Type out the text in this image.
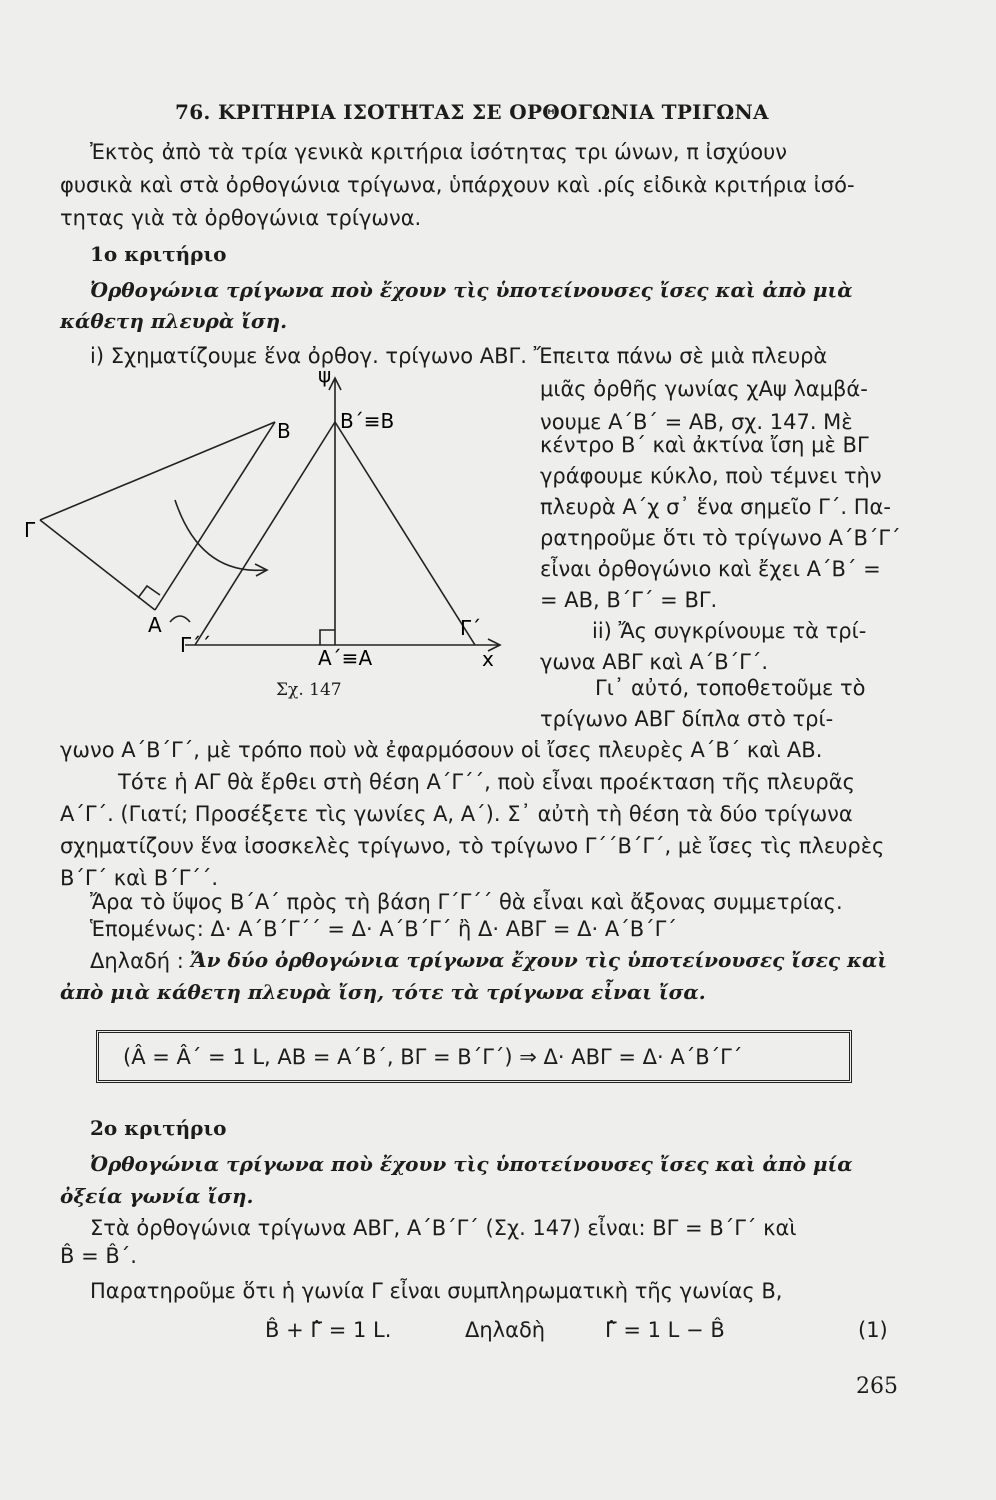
76. ΚΡΙΤΗΡΙΑ ΙΣΟΤΗΤΑΣ ΣΕ ΟΡΘΟΓΩΝΙΑ ΤΡΙΓΩΝΑ
Ἐκτὸς ἀπὸ τὰ τρία γενικὰ κριτήρια ἰσότητας τρι ώνων, π ἰσχύουν
φυσικὰ καὶ στὰ ὀρθογώνια τρίγωνα, ὑπάρχουν καὶ .ρίς εἰδικὰ κριτήρια ἰσό-
τητας γιὰ τὰ ὀρθογώνια τρίγωνα.
1ο κριτήριο
Ὀρθογώνια τρίγωνα ποὺ ἔχουν τὶς ὑποτείνουσες ἴσες καὶ ἀπὸ μιὰ
κάθετη πλευρὰ ἴση.
i) Σχηματίζουμε ἕνα ὀρθογ. τρίγωνο ΑΒΓ. Ἔπειτα πάνω σὲ μιὰ πλευρὰ
μιᾶς ὀρθῆς γωνίας χΑψ λαμβά-
νουμε Α΄Β΄ = ΑΒ, σχ. 147. Μὲ
κέντρο Β΄ καὶ ἀκτίνα ἴση μὲ ΒΓ
γράφουμε κύκλο, ποὺ τέμνει τὴν
πλευρὰ Α΄χ σ᾽ ἕνα σημεῖο Γ΄. Πα-
ρατηροῦμε ὅτι τὸ τρίγωνο Α΄Β΄Γ΄
εἶναι ὀρθογώνιο καὶ ἔχει Α΄Β΄ =
= ΑΒ, Β΄Γ΄ = ΒΓ.
ii) Ἄς συγκρίνουμε τὰ τρί-
γωνα ΑΒΓ καὶ Α΄Β΄Γ΄.
Γι᾽ αὐτό, τοποθετοῦμε τὸ
τρίγωνο ΑΒΓ δίπλα στὸ τρί-
ψ
Β Β΄≡Β
Γ
Α
Γ΄΄
Α΄≡Α
Γ΄
x
Σχ. 147
γωνο Α΄Β΄Γ΄, μὲ τρόπο ποὺ νὰ ἐφαρμόσουν οἱ ἴσες πλευρὲς Α΄Β΄ καὶ ΑΒ.
Τότε ἡ ΑΓ θὰ ἔρθει στὴ θέση Α΄Γ΄΄, ποὺ εἶναι προέκταση τῆς πλευρᾶς
Α΄Γ΄. (Γιατί; Προσέξετε τὶς γωνίες Α, Α΄). Σ᾽ αὐτὴ τὴ θέση τὰ δύο τρίγωνα
σχηματίζουν ἕνα ἰσοσκελὲς τρίγωνο, τὸ τρίγωνο Γ΄΄Β΄Γ΄, μὲ ἴσες τὶς πλευρὲς
Β΄Γ΄ καὶ Β΄Γ΄΄.
Ἄρα τὸ ὕψος Β΄Α΄ πρὸς τὴ βάση Γ΄Γ΄΄ θὰ εἶναι καὶ ἄξονας συμμετρίας.
Ἑπομένως: Δ· Α΄Β΄Γ΄΄ = Δ· Α΄Β΄Γ΄ ἢ Δ· ΑΒΓ = Δ· Α΄Β΄Γ΄
Δηλαδή : Ἄν δύο ὀρθογώνια τρίγωνα ἔχουν τὶς ὑποτείνουσες ἴσες καὶ
ἀπὸ μιὰ κάθετη πλευρὰ ἴση, τότε τὰ τρίγωνα εἶναι ἴσα.
(Â = Â΄ = 1 L, ΑΒ = Α΄Β΄, ΒΓ = Β΄Γ΄) ⇒ Δ· ΑΒΓ = Δ· Α΄Β΄Γ΄
2ο κριτήριο
Ὀρθογώνια τρίγωνα ποὺ ἔχουν τὶς ὑποτείνουσες ἴσες καὶ ἀπὸ μία
ὀξεία γωνία ἴση.
Στὰ ὀρθογώνια τρίγωνα ΑΒΓ, Α΄Β΄Γ΄ (Σχ. 147) εἶναι: ΒΓ = Β΄Γ΄ καὶ
B̂ = B̂΄.
Παρατηροῦμε ὅτι ἡ γωνία Γ εἶναι συμπληρωματικὴ τῆς γωνίας Β,
B̂ + Γ̂ = 1 L.	Δηλαδὴ	Γ̂ = 1 L − B̂	(1)
265
